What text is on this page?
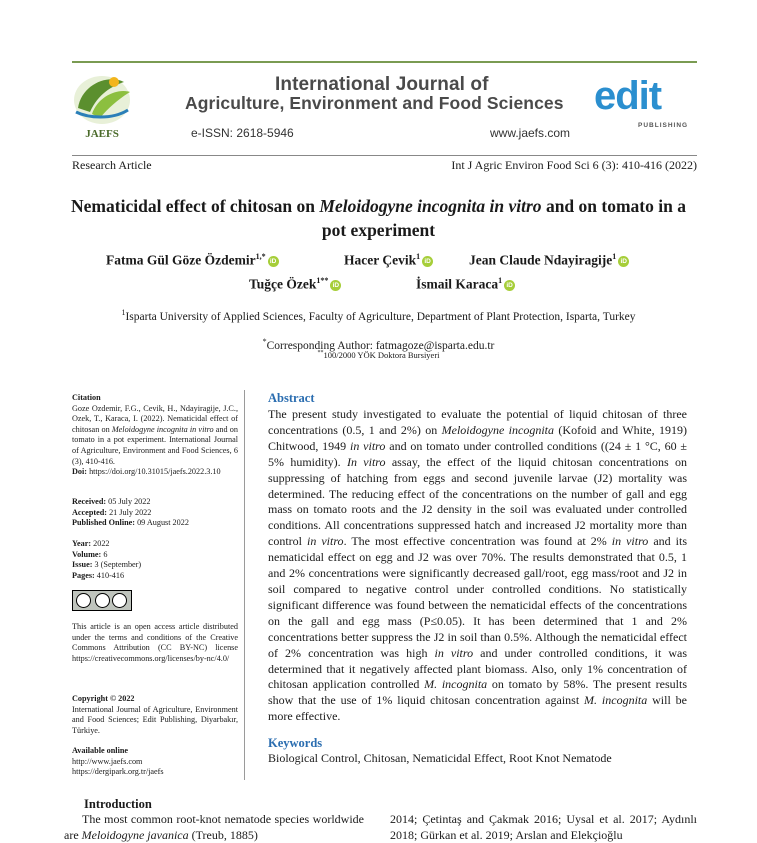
JAEFS
International Journal of
Agriculture, Environment and Food Sciences
e-ISSN: 2618-5946	www.jaefs.com
edit
PUBLISHING
Research Article	Int J Agric Environ Food Sci 6 (3): 410-416 (2022)
Nematicidal effect of chitosan on Meloidogyne incognita in vitro and on tomato in a pot experiment
Fatma Gül Göze Özdemir$^{1,*}$ iD	Hacer Çevik$^1$ iD	Jean Claude Ndayiragije$^1$ iD
Tuğçe Özek$^{1**}$ iD	İsmail Karaca$^1$ iD
$^1$Isparta University of Applied Sciences, Faculty of Agriculture, Department of Plant Protection, Isparta, Turkey
*Corresponding Author: fatmagoze@isparta.edu.tr
**100/2000 YÖK Doktora Bursiyeri
Citation
Goze Ozdemir, F.G., Cevik, H., Ndayiragije, J.C., Ozek, T., Karaca, I. (2022). Nematicidal effect of chitosan on Meloidogyne incognita in vitro and on tomato in a pot experiment. International Journal of Agriculture, Environment and Food Sciences, 6 (3), 410-416.
Doi: https://doi.org/10.31015/jaefs.2022.3.10
Received: 05 July 2022
Accepted: 21 July 2022
Published Online: 09 August 2022
Year: 2022
Volume: 6
Issue: 3 (September)
Pages: 410-416
cc BY NC
This article is an open access article distributed under the terms and conditions of the Creative Commons Attribution (CC BY-NC) license https://creativecommons.org/licenses/by-nc/4.0/
Copyright © 2022
International Journal of Agriculture, Environment and Food Sciences; Edit Publishing, Diyarbakır, Türkiye.
Available online
http://www.jaefs.com
https://dergipark.org.tr/jaefs
Abstract
The present study investigated to evaluate the potential of liquid chitosan of three concentrations (0.5, 1 and 2%) on Meloidogyne incognita (Kofoid and White, 1919) Chitwood, 1949 in vitro and on tomato under controlled conditions ((24 ± 1 °C, 60 ± 5% humidity). In vitro assay, the effect of the liquid chitosan concentrations on suppressing of hatching from eggs and second juvenile larvae (J2) mortality was determined. The reducing effect of the concentrations on the number of gall and egg mass on tomato roots and the J2 density in the soil was evaluated under controlled conditions. All concentrations suppressed hatch and increased J2 mortality more than control in vitro. The most effective concentration was found at 2% in vitro and its nematicidal effect on egg and J2 was over 70%. The results demonstrated that 0.5, 1 and 2% concentrations were significantly decreased gall/root, egg mass/root and J2 in soil compared to negative control under controlled conditions. No statistically significant difference was found between the nematicidal effects of the concentrations on the gall and egg mass (P≤0.05). It has been determined that 1 and 2% concentrations better suppress the J2 in soil than 0.5%. Although the nematicidal effect of 2% concentration was high in vitro and under controlled conditions, it was determined that it negatively affected plant biomass. Also, only 1% concentration of chitosan application controlled M. incognita on tomato by 58%. The present results show that the use of 1% liquid chitosan concentration against M. incognita will be more effective.
Keywords
Biological Control, Chitosan, Nematicidal Effect, Root Knot Nematode
Introduction
The most common root-knot nematode species worldwide are Meloidogyne javanica (Treub, 1885)
2014; Çetintaş and Çakmak 2016; Uysal et al. 2017; Aydınlı 2018; Gürkan et al. 2019; Arslan and Elekçioğlu
